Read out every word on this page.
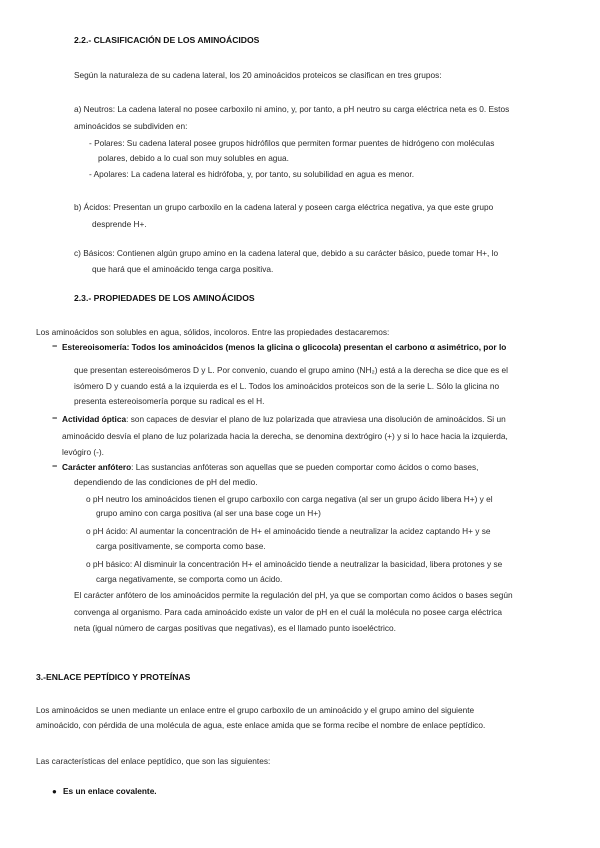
2.2.- CLASIFICACIÓN DE LOS AMINOÁCIDOS
Según la naturaleza de su cadena lateral, los 20 aminoácidos proteicos se clasifican en tres grupos:
a) Neutros: La cadena lateral no posee carboxilo ni amino, y, por tanto, a pH neutro su carga eléctrica neta es 0. Estos
aminoácidos se subdividen en:
- Polares: Su cadena lateral posee grupos hidrófilos que permiten formar puentes de hidrógeno con moléculas
polares, debido a lo cual son muy solubles en agua.
- Apolares: La cadena lateral es hidrófoba, y, por tanto, su solubilidad en agua es menor.
b) Ácidos: Presentan un grupo carboxilo en la cadena lateral y poseen carga eléctrica negativa, ya que este grupo
desprende H+.
c) Básicos: Contienen algún grupo amino en la cadena lateral que, debido a su carácter básico, puede tomar H+, lo
que hará que el aminoácido tenga carga positiva.
2.3.- PROPIEDADES DE LOS AMINOÁCIDOS
Los aminoácidos son solubles en agua, sólidos, incoloros. Entre las propiedades destacaremos:
− Estereoisomería: Todos los aminoácidos (menos la glicina o glicocola) presentan el carbono α asimétrico, por lo
que presentan estereoisómeros D y L. Por convenio, cuando el grupo amino (NH₂) está a la derecha se dice que es el
isómero D y cuando está a la izquierda es el L. Todos los aminoácidos proteicos son de la serie L. Sólo la glicina no
presenta estereoisomería porque su radical es el H.
− Actividad óptica: son capaces de desviar el plano de luz polarizada que atraviesa una disolución de aminoácidos. Si un
aminoácido desvía el plano de luz polarizada hacia la derecha, se denomina dextrógiro (+) y si lo hace hacia la izquierda,
levógiro (-).
− Carácter anfótero: Las sustancias anfóteras son aquellas que se pueden comportar como ácidos o como bases,
dependiendo de las condiciones de pH del medio.
o pH neutro los aminoácidos tienen el grupo carboxilo con carga negativa (al ser un grupo ácido libera H+) y el
grupo amino con carga positiva (al ser una base coge un H+)
o pH ácido: Al aumentar la concentración de H+ el aminoácido tiende a neutralizar la acidez captando H+ y se
carga positivamente, se comporta como base.
o pH básico: Al disminuir la concentración H+ el aminoácido tiende a neutralizar la basicidad, libera protones y se
carga negativamente, se comporta como un ácido.
El carácter anfótero de los aminoácidos permite la regulación del pH, ya que se comportan como ácidos o bases según
convenga al organismo. Para cada aminoácido existe un valor de pH en el cuál la molécula no posee carga eléctrica
neta (igual número de cargas positivas que negativas), es el llamado punto isoeléctrico.
3.-ENLACE PEPTÍDICO Y PROTEÍNAS
Los aminoácidos se unen mediante un enlace entre el grupo carboxilo de un aminoácido y el grupo amino del siguiente
aminoácido, con pérdida de una molécula de agua, este enlace amida que se forma recibe el nombre de enlace peptídico.
Las características del enlace peptídico, que son las siguientes:
● Es un enlace covalente.
